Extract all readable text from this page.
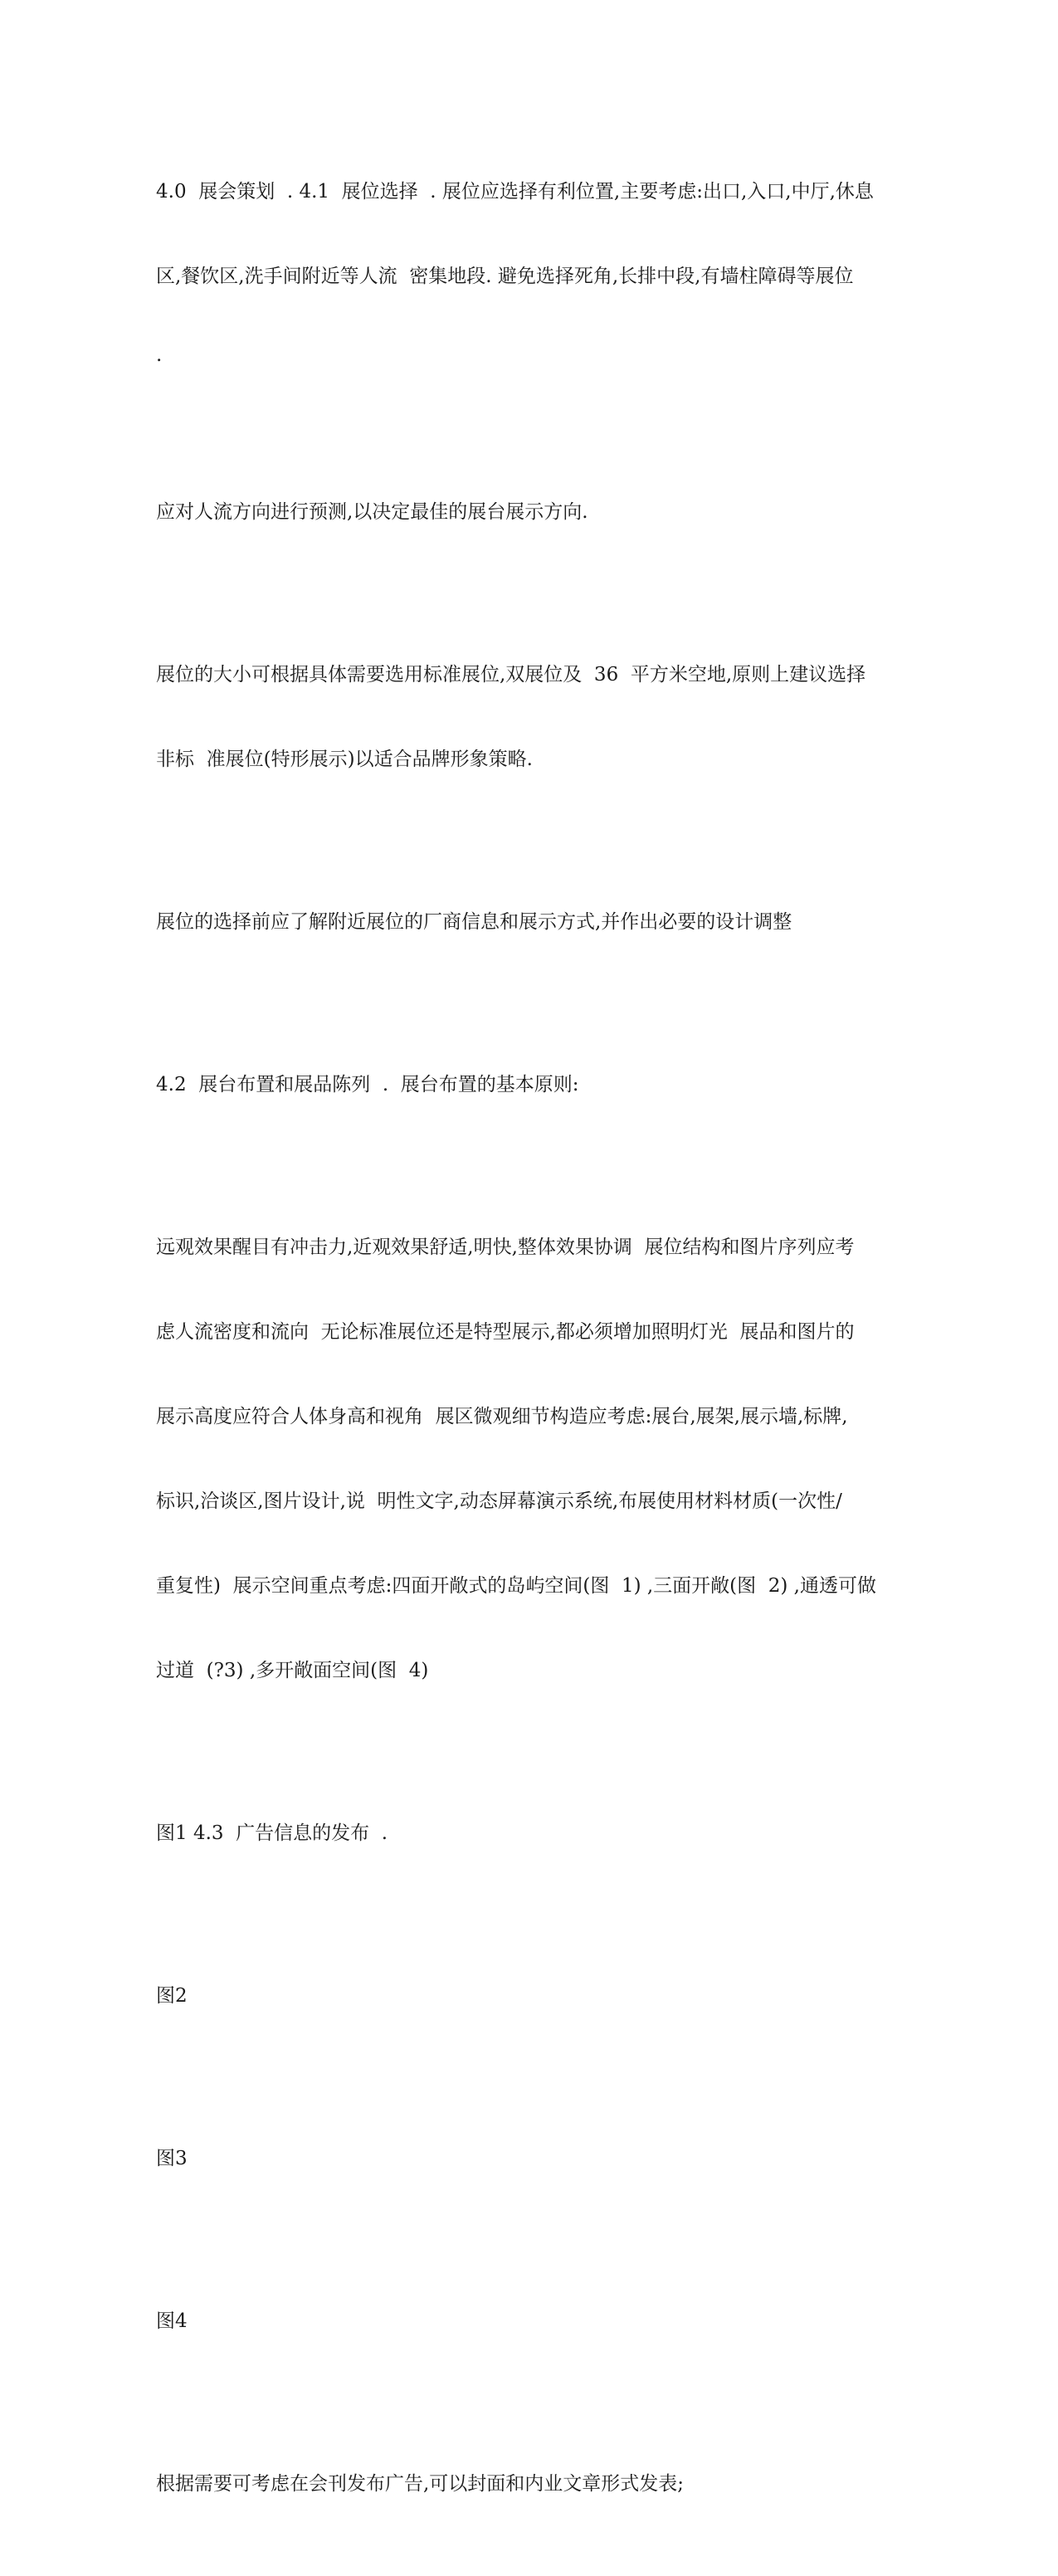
4.0  展会策划  . 4.1  展位选择  . 展位应选择有利位置,主要考虑:出口,入口,中厅,休息

区,餐饮区,洗手间附近等人流  密集地段. 避免选择死角,长排中段,有墙柱障碍等展位

.

应对人流方向进行预测,以决定最佳的展台展示方向.

展位的大小可根据具体需要选用标准展位,双展位及  36  平方米空地,原则上建议选择

非标  准展位(特形展示)以适合品牌形象策略.

展位的选择前应了解附近展位的厂商信息和展示方式,并作出必要的设计调整

4.2  展台布置和展品陈列  .  展台布置的基本原则:

远观效果醒目有冲击力,近观效果舒适,明快,整体效果协调  展位结构和图片序列应考

虑人流密度和流向  无论标准展位还是特型展示,都必须增加照明灯光  展品和图片的

展示高度应符合人体身高和视角  展区微观细节构造应考虑:展台,展架,展示墙,标牌,

标识,洽谈区,图片设计,说  明性文字,动态屏幕演示系统,布展使用材料材质(一次性/

重复性)  展示空间重点考虑:四面开敞式的岛屿空间(图  1) ,三面开敞(图  2) ,通透可做

过道  (?3) ,多开敞面空间(图  4)

图1 4.3  广告信息的发布  .

图2

图3

图4

根据需要可考虑在会刊发布广告,可以封面和内业文章形式发表;
